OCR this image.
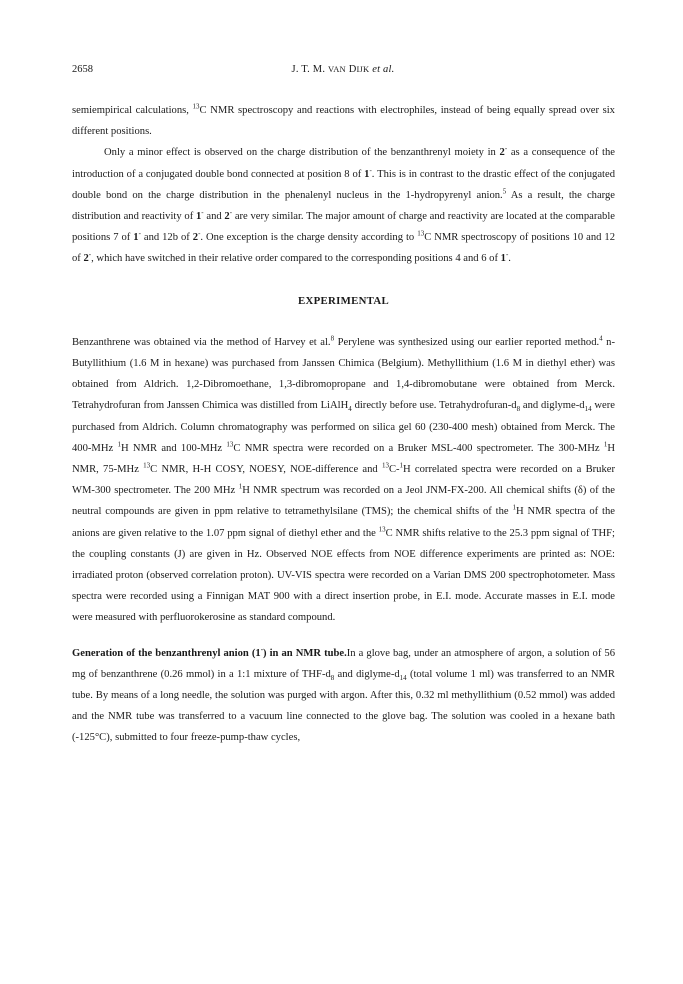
2658	J. T. M. VAN DIJK et al.

semiempirical calculations, $^{13}$C NMR spectroscopy and reactions with electrophiles, instead of being equally spread over six different positions.

Only a minor effect is observed on the charge distribution of the benzanthrenyl moiety in 2- as a consequence of the introduction of a conjugated double bond connected at position 8 of 1-. This is in contrast to the drastic effect of the conjugated double bond on the charge distribution in the phenalenyl nucleus in the 1-hydropyrenyl anion.$^5$ As a result, the charge distribution and reactivity of 1- and 2- are very similar. The major amount of charge and reactivity are located at the comparable positions 7 of 1- and 12b of 2-. One exception is the charge density according to $^{13}$C NMR spectroscopy of positions 10 and 12 of 2-, which have switched in their relative order compared to the corresponding positions 4 and 6 of 1-.

EXPERIMENTAL

Benzanthrene was obtained via the method of Harvey et al.$^8$ Perylene was synthesized using our earlier reported method.$^4$ n-Butyllithium (1.6 M in hexane) was purchased from Janssen Chimica (Belgium). Methyllithium (1.6 M in diethyl ether) was obtained from Aldrich. 1,2-Dibromoethane, 1,3-dibromopropane and 1,4-dibromobutane were obtained from Merck. Tetrahydrofuran from Janssen Chimica was distilled from LiAlH$_4$ directly before use. Tetrahydrofuran-$d_8$ and diglyme-$d_{14}$ were purchased from Aldrich. Column chromatography was performed on silica gel 60 (230-400 mesh) obtained from Merck. The 400-MHz $^1$H NMR and 100-MHz $^{13}$C NMR spectra were recorded on a Bruker MSL-400 spectrometer. The 300-MHz $^1$H NMR, 75-MHz $^{13}$C NMR, H-H COSY, NOESY, NOE-difference and $^{13}$C-$^1$H correlated spectra were recorded on a Bruker WM-300 spectrometer. The 200 MHz $^1$H NMR spectrum was recorded on a Jeol JNM-FX-200. All chemical shifts (δ) of the neutral compounds are given in ppm relative to tetramethylsilane (TMS); the chemical shifts of the $^1$H NMR spectra of the anions are given relative to the 1.07 ppm signal of diethyl ether and the $^{13}$C NMR shifts relative to the 25.3 ppm signal of THF; the coupling constants (J) are given in Hz. Observed NOE effects from NOE difference experiments are printed as: NOE: irradiated proton (observed correlation proton). UV-VIS spectra were recorded on a Varian DMS 200 spectrophotometer. Mass spectra were recorded using a Finnigan MAT 900 with a direct insertion probe, in E.I. mode. Accurate masses in E.I. mode were measured with perfluorokerosine as standard compound.

Generation of the benzanthrenyl anion (1-) in an NMR tube.In a glove bag, under an atmosphere of argon, a solution of 56 mg of benzanthrene (0.26 mmol) in a 1:1 mixture of THF-$d_8$ and diglyme-$d_{14}$ (total volume 1 ml) was transferred to an NMR tube. By means of a long needle, the solution was purged with argon. After this, 0.32 ml methyllithium (0.52 mmol) was added and the NMR tube was transferred to a vacuum line connected to the glove bag. The solution was cooled in a hexane bath (-125°C), submitted to four freeze-pump-thaw cycles,
